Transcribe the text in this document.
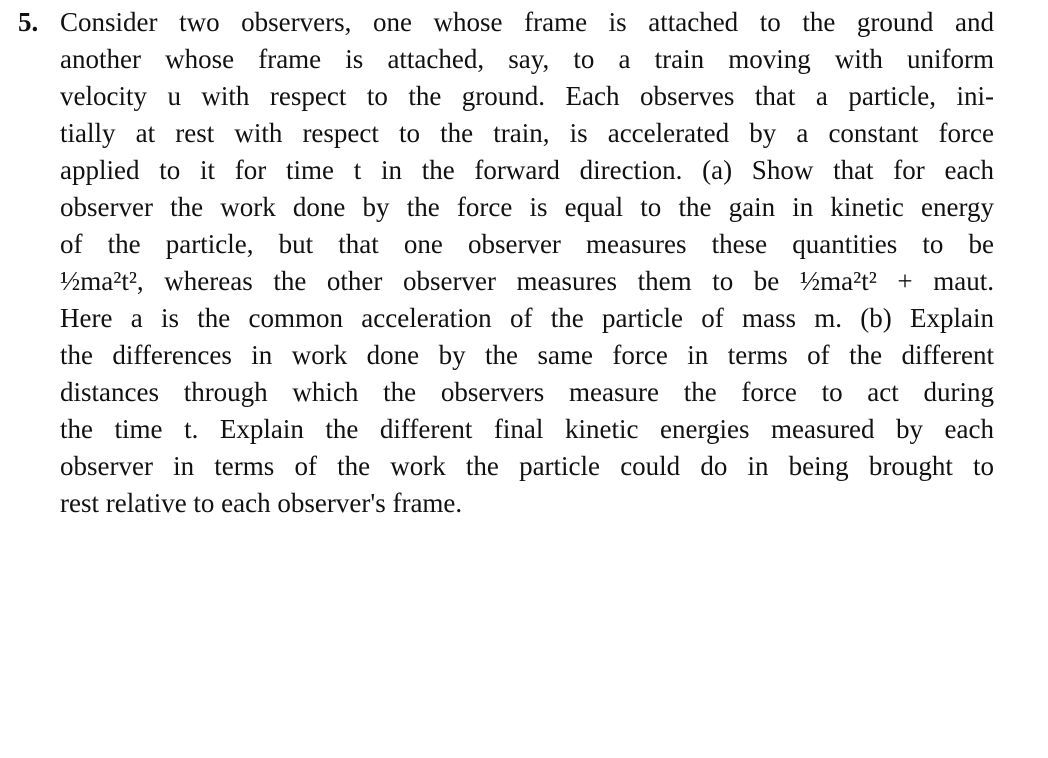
5. Consider two observers, one whose frame is attached to the ground and
another whose frame is attached, say, to a train moving with uniform
velocity u with respect to the ground. Each observes that a particle, ini-
tially at rest with respect to the train, is accelerated by a constant force
applied to it for time t in the forward direction. (a) Show that for each
observer the work done by the force is equal to the gain in kinetic energy
of the particle, but that one observer measures these quantities to be
½ma²t², whereas the other observer measures them to be ½ma²t² + maut.
Here a is the common acceleration of the particle of mass m. (b) Explain
the differences in work done by the same force in terms of the different
distances through which the observers measure the force to act during
the time t. Explain the different final kinetic energies measured by each
observer in terms of the work the particle could do in being brought to
rest relative to each observer's frame.
